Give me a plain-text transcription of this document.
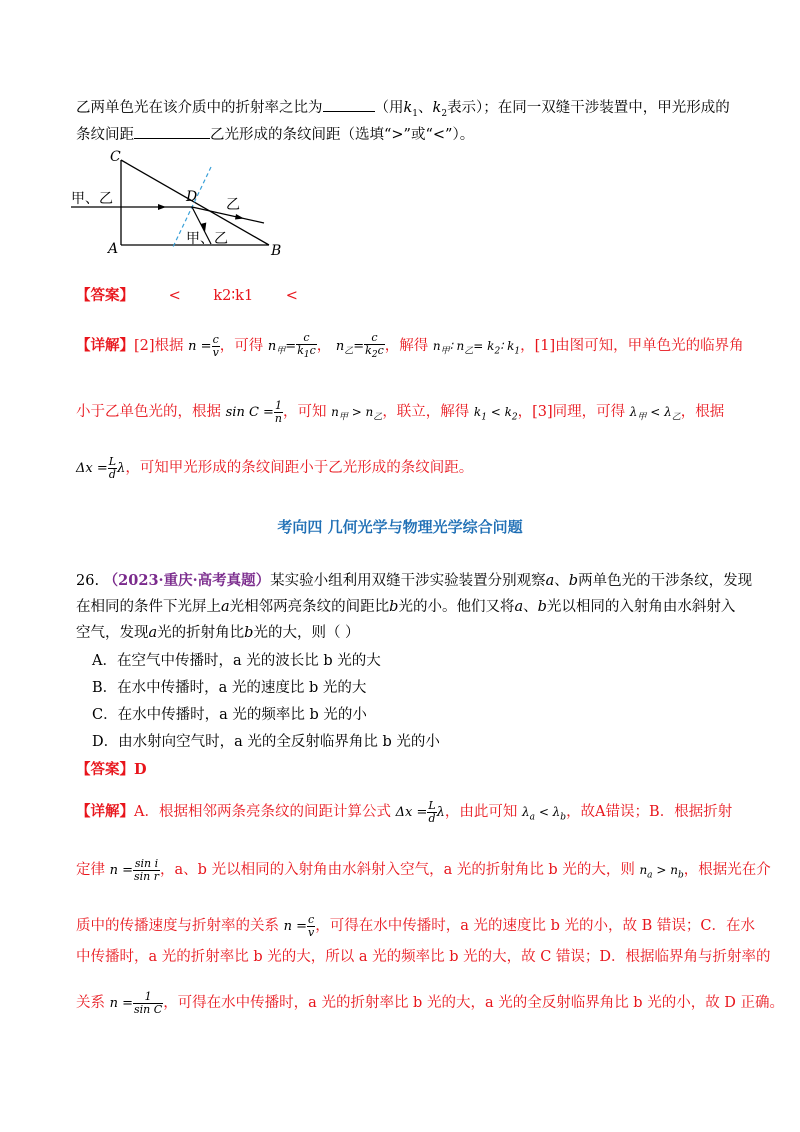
乙两单色光在该介质中的折射率之比为	（用$k_1$、$k_2$表示）；在同一双缝干涉装置中，甲光形成的
条纹间距	乙光形成的条纹间距（选填“>”或“<”）。
C
A	B
D
甲、乙	乙
甲、乙
【答案】 < k2∶k1 <
【详解】[2]根据 $n = \frac{c}{v}$ ，可得 $n_甲= \frac{c}{k_1c}$ ， $n_乙= \frac{c}{k_2c}$ ，解得 $n_甲∶$ $n_乙=$ $k_2∶$ $k_1$，[1]由图可知，甲单色光的临界角
小于乙单色光的，根据 $\sin C = \frac{1}{n}$ ，可知 $n_甲 > n_乙$，联立，解得 $k_1 < k_2$，[3]同理，可得 $\lambda_甲 < \lambda_乙$，根据
$\Delta x = \frac{L}{d}$ λ，可知甲光形成的条纹间距小于乙光形成的条纹间距。
考向四 几何光学与物理光学综合问题
26. （2023·重庆·高考真题）某实验小组利用双缝干涉实验装置分别观察a、b两单色光的干涉条纹，发现
在相同的条件下光屏上a光相邻两亮条纹的间距比b光的小。他们又将a、b光以相同的入射角由水斜射入
空气，发现a光的折射角比b光的大，则（ ）
A．在空气中传播时，a 光的波长比 b 光的大
B．在水中传播时，a 光的速度比 b 光的大
C．在水中传播时，a 光的频率比 b 光的小
D．由水射向空气时，a 光的全反射临界角比 b 光的小
【答案】D
【详解】A．根据相邻两条亮条纹的间距计算公式 $\Delta x = \frac{L}{d}$ λ，由此可知 $\lambda_a < \lambda_b$，故A错误；B．根据折射
定律 $n = \frac{\text{sin i}}{\text{sin r}}$ ，a、b 光以相同的入射角由水斜射入空气，a 光的折射角比 b 光的大，则 $n_a > n_b$，根据光在介
质中的传播速度与折射率的关系 $n = \frac{c}{v}$ ，可得在水中传播时，a 光的速度比 b 光的小，故 B 错误；C．在水
中传播时，a 光的折射率比 b 光的大，所以 a 光的频率比 b 光的大，故 C 错误；D．根据临界角与折射率的
关系 $n = \frac{1}{\text{sin C}}$ ，可得在水中传播时，a 光的折射率比 b 光的大，a 光的全反射临界角比 b 光的小，故 D 正确。
